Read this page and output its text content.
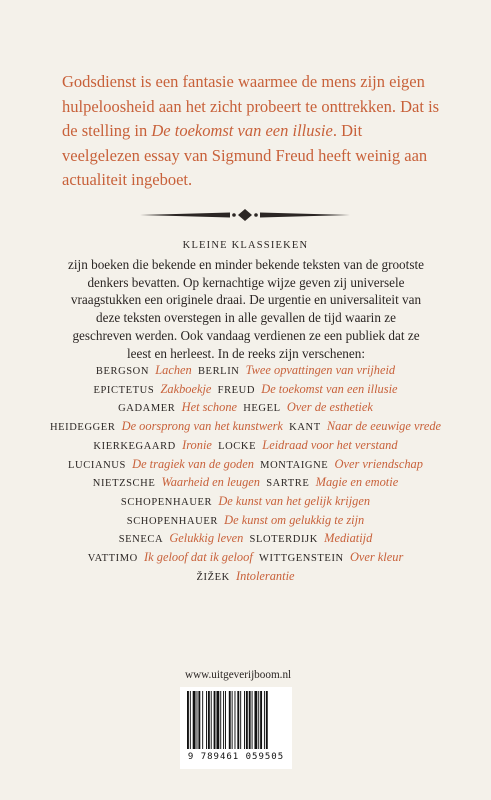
Godsdienst is een fantasie waarmee de mens zijn eigen hulpeloosheid aan het zicht probeert te onttrekken. Dat is de stelling in De toekomst van een illusie. Dit veelgelezen essay van Sigmund Freud heeft weinig aan actualiteit ingeboet.
KLEINE KLASSIEKEN
zijn boeken die bekende en minder bekende teksten van de grootste denkers bevatten. Op kernachtige wijze geven zij universele vraagstukken een originele draai. De urgentie en universaliteit van deze teksten overstegen in alle gevallen de tijd waarin ze geschreven werden. Ook vandaag verdienen ze een publiek dat ze leest en herleest. In de reeks zijn verschenen:
BERGSON Lachen BERLIN Twee opvattingen van vrijheid
EPICTETUS Zakboekje FREUD De toekomst van een illusie
GADAMER Het schone HEGEL Over de esthetiek
HEIDEGGER De oorsprong van het kunstwerk KANT Naar de eeuwige vrede
KIERKEGAARD Ironie LOCKE Leidraad voor het verstand
LUCIANUS De tragiek van de goden MONTAIGNE Over vriendschap
NIETZSCHE Waarheid en leugen SARTRE Magie en emotie
SCHOPENHAUER De kunst van het gelijk krijgen
SCHOPENHAUER De kunst om gelukkig te zijn
SENECA Gelukkig leven SLOTERDIJK Mediatijd
VATTIMO Ik geloof dat ik geloof WITTGENSTEIN Over kleur
ŽIŽEK Intolerantie
www.uitgeverijboom.nl
9 789461 059505
